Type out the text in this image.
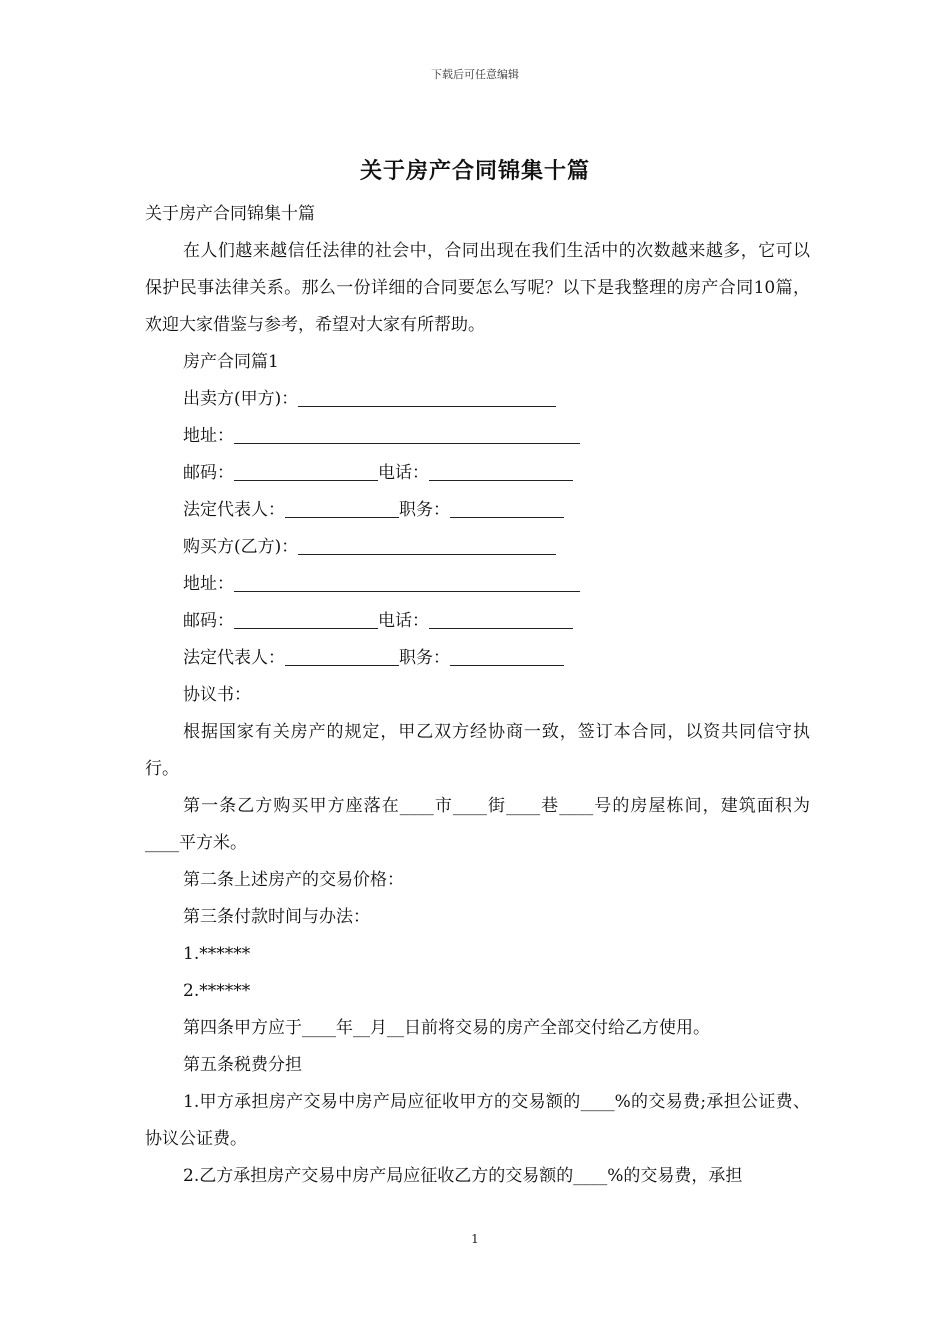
下载后可任意编辑
关于房产合同锦集十篇

关于房产合同锦集十篇

在人们越来越信任法律的社会中，合同出现在我们生活中的次数越来越多，它可以保护民事法律关系。那么一份详细的合同要怎么写呢？以下是我整理的房产合同10篇，欢迎大家借鉴与参考，希望对大家有所帮助。

房产合同篇1

出卖方(甲方)：

地址：

邮码：	电话：

法定代表人：	职务：

购买方(乙方)：

地址：

邮码：	电话：

法定代表人：	职务：

协议书：

根据国家有关房产的规定，甲乙双方经协商一致，签订本合同，以资共同信守执行。

第一条乙方购买甲方座落在____市____街____巷____号的房屋栋间，建筑面积为____平方米。

第二条上述房产的交易价格：

第三条付款时间与办法：

1.******

2.******

第四条甲方应于____年__月__日前将交易的房产全部交付给乙方使用。

第五条税费分担

1.甲方承担房产交易中房产局应征收甲方的交易额的____%的交易费;承担公证费、协议公证费。

2.乙方承担房产交易中房产局应征收乙方的交易额的____%的交易费，承担

1
